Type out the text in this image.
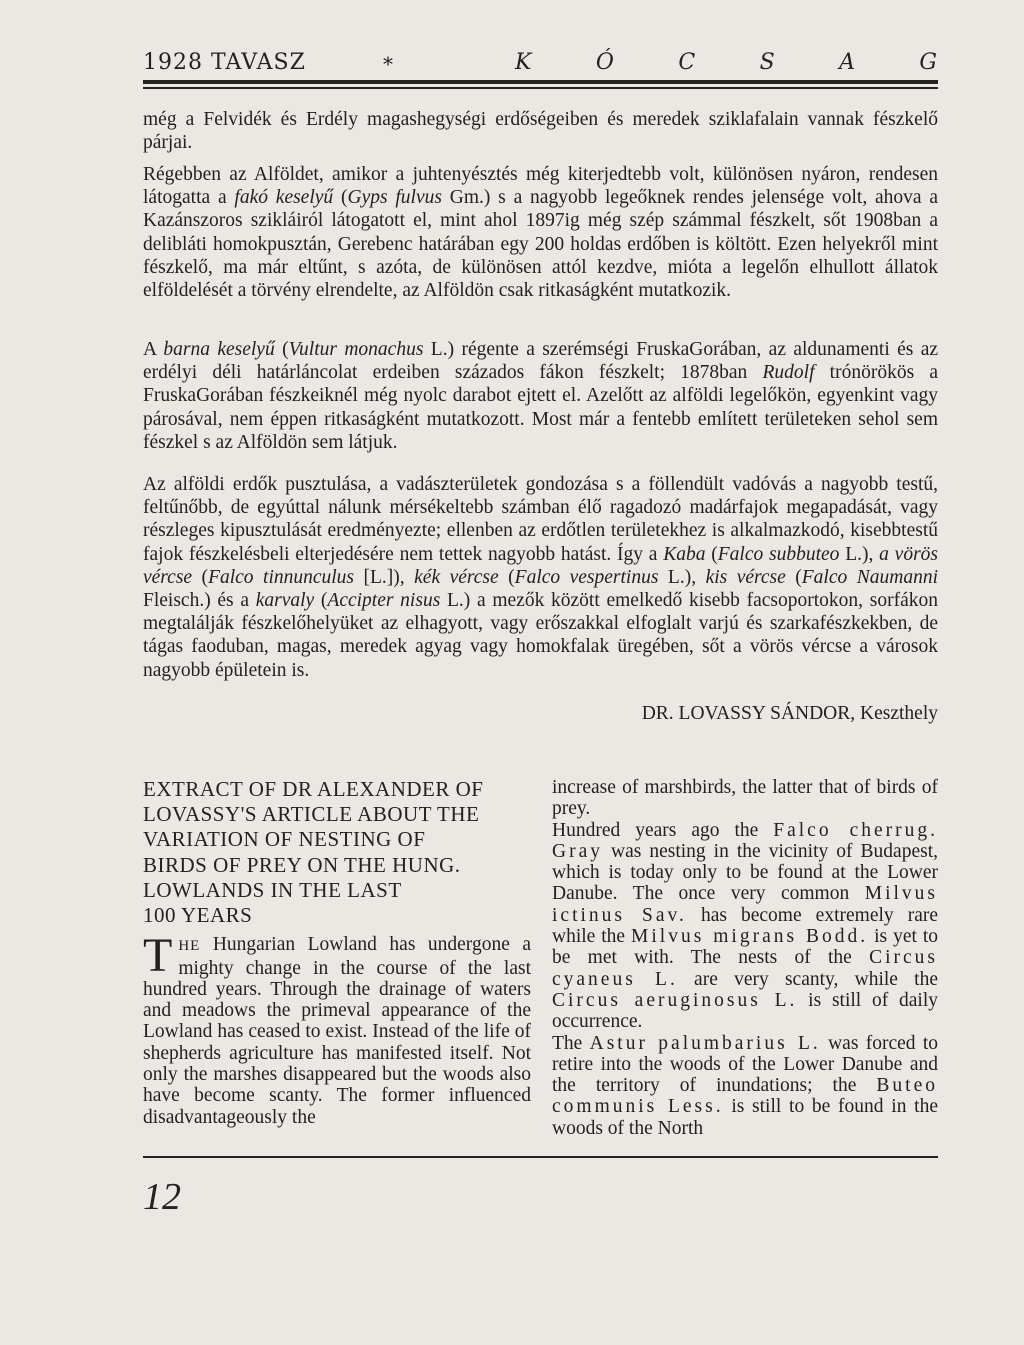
1928 TAVASZ	*	K	Ó	C	S	A	G

még a Felvidék és Erdély magashegységi erdőségeiben és meredek sziklafalain vannak fészkelő párjai.

Régebben az Alföldet, amikor a juhtenyésztés még kiterjedtebb volt, különösen nyáron, rendesen látogatta a fakó keselyű (Gyps fulvus Gm.) s a nagyobb legeőknek rendes jelensége volt, ahova a Kazánszoros szikláiról látogatott el, mint ahol 1897ig még szép számmal fészkelt, sőt 1908ban a delibláti homokpusztán, Gerebenc határában egy 200 holdas erdőben is költött. Ezen helyekről mint fészkelő, ma már eltűnt, s azóta, de különösen attól kezdve, mióta a legelőn elhullott állatok elföldelését a törvény elrendelte, az Alföldön csak ritkaságként mutatkozik.

A barna keselyű (Vultur monachus L.) régente a szerémségi FruskaGorában, az aldunamenti és az erdélyi déli határláncolat erdeiben százados fákon fészkelt; 1878ban Rudolf trónörökös a FruskaGorában fészkeiknél még nyolc darabot ejtett el. Azelőtt az alföldi legelőkön, egyenkint vagy párosával, nem éppen ritkaságként mutatkozott. Most már a fentebb említett területeken sehol sem fészkel s az Alföldön sem látjuk.

Az alföldi erdők pusztulása, a vadászterületek gondozása s a föllendült vadóvás a nagyobb testű, feltűnőbb, de egyúttal nálunk mérsékeltebb számban élő ragadozó madárfajok megapadását, vagy részleges kipusztulását eredményezte; ellenben az erdőtlen területekhez is alkalmazkodó, kisebbtestű fajok fészkelésbeli elterjedésére nem tettek nagyobb hatást. Így a Kaba (Falco subbuteo L.), a vörös vércse (Falco tinnunculus [L.]), kék vércse (Falco vespertinus L.), kis vércse (Falco Naumanni Fleisch.) és a karvaly (Accipter nisus L.) a mezők között emelkedő kisebb facsoportokon, sorfákon megtalálják fészkelőhelyüket az elhagyott, vagy erőszakkal elfoglalt varjú és szarkafészkekben, de tágas faoduban, magas, meredek agyag vagy homokfalak üregében, sőt a vörös vércse a városok nagyobb épületein is.

DR. LOVASSY SÁNDOR, Keszthely
EXTRACT OF DR ALEXANDER OF
LOVASSY'S ARTICLE ABOUT THE
VARIATION OF NESTING OF
BIRDS OF PREY ON THE HUNG.
LOWLANDS IN THE LAST
100 YEARS

THE Hungarian Lowland has undergone a mighty change in the course of the last hundred years. Through the drainage of waters and meadows the primeval appearance of the Lowland has ceased to exist. Instead of the life of shepherds agriculture has manifested itself. Not only the marshes disappeared but the woods also have become scanty. The former influenced disadvantageously the

increase of marshbirds, the latter that of birds of prey.

Hundred years ago the Falco cherrug. Gray was nesting in the vicinity of Budapest, which is today only to be found at the Lower Danube. The once very common Milvus ictinus Sav. has become extremely rare while the Milvus migrans Bodd. is yet to be met with. The nests of the Circus cyaneus L. are very scanty, while the Circus aeruginosus L. is still of daily occurrence.

The Astur palumbarius L. was forced to retire into the woods of the Lower Danube and the territory of inundations; the Buteo communis Less. is still to be found in the woods of the North

12
